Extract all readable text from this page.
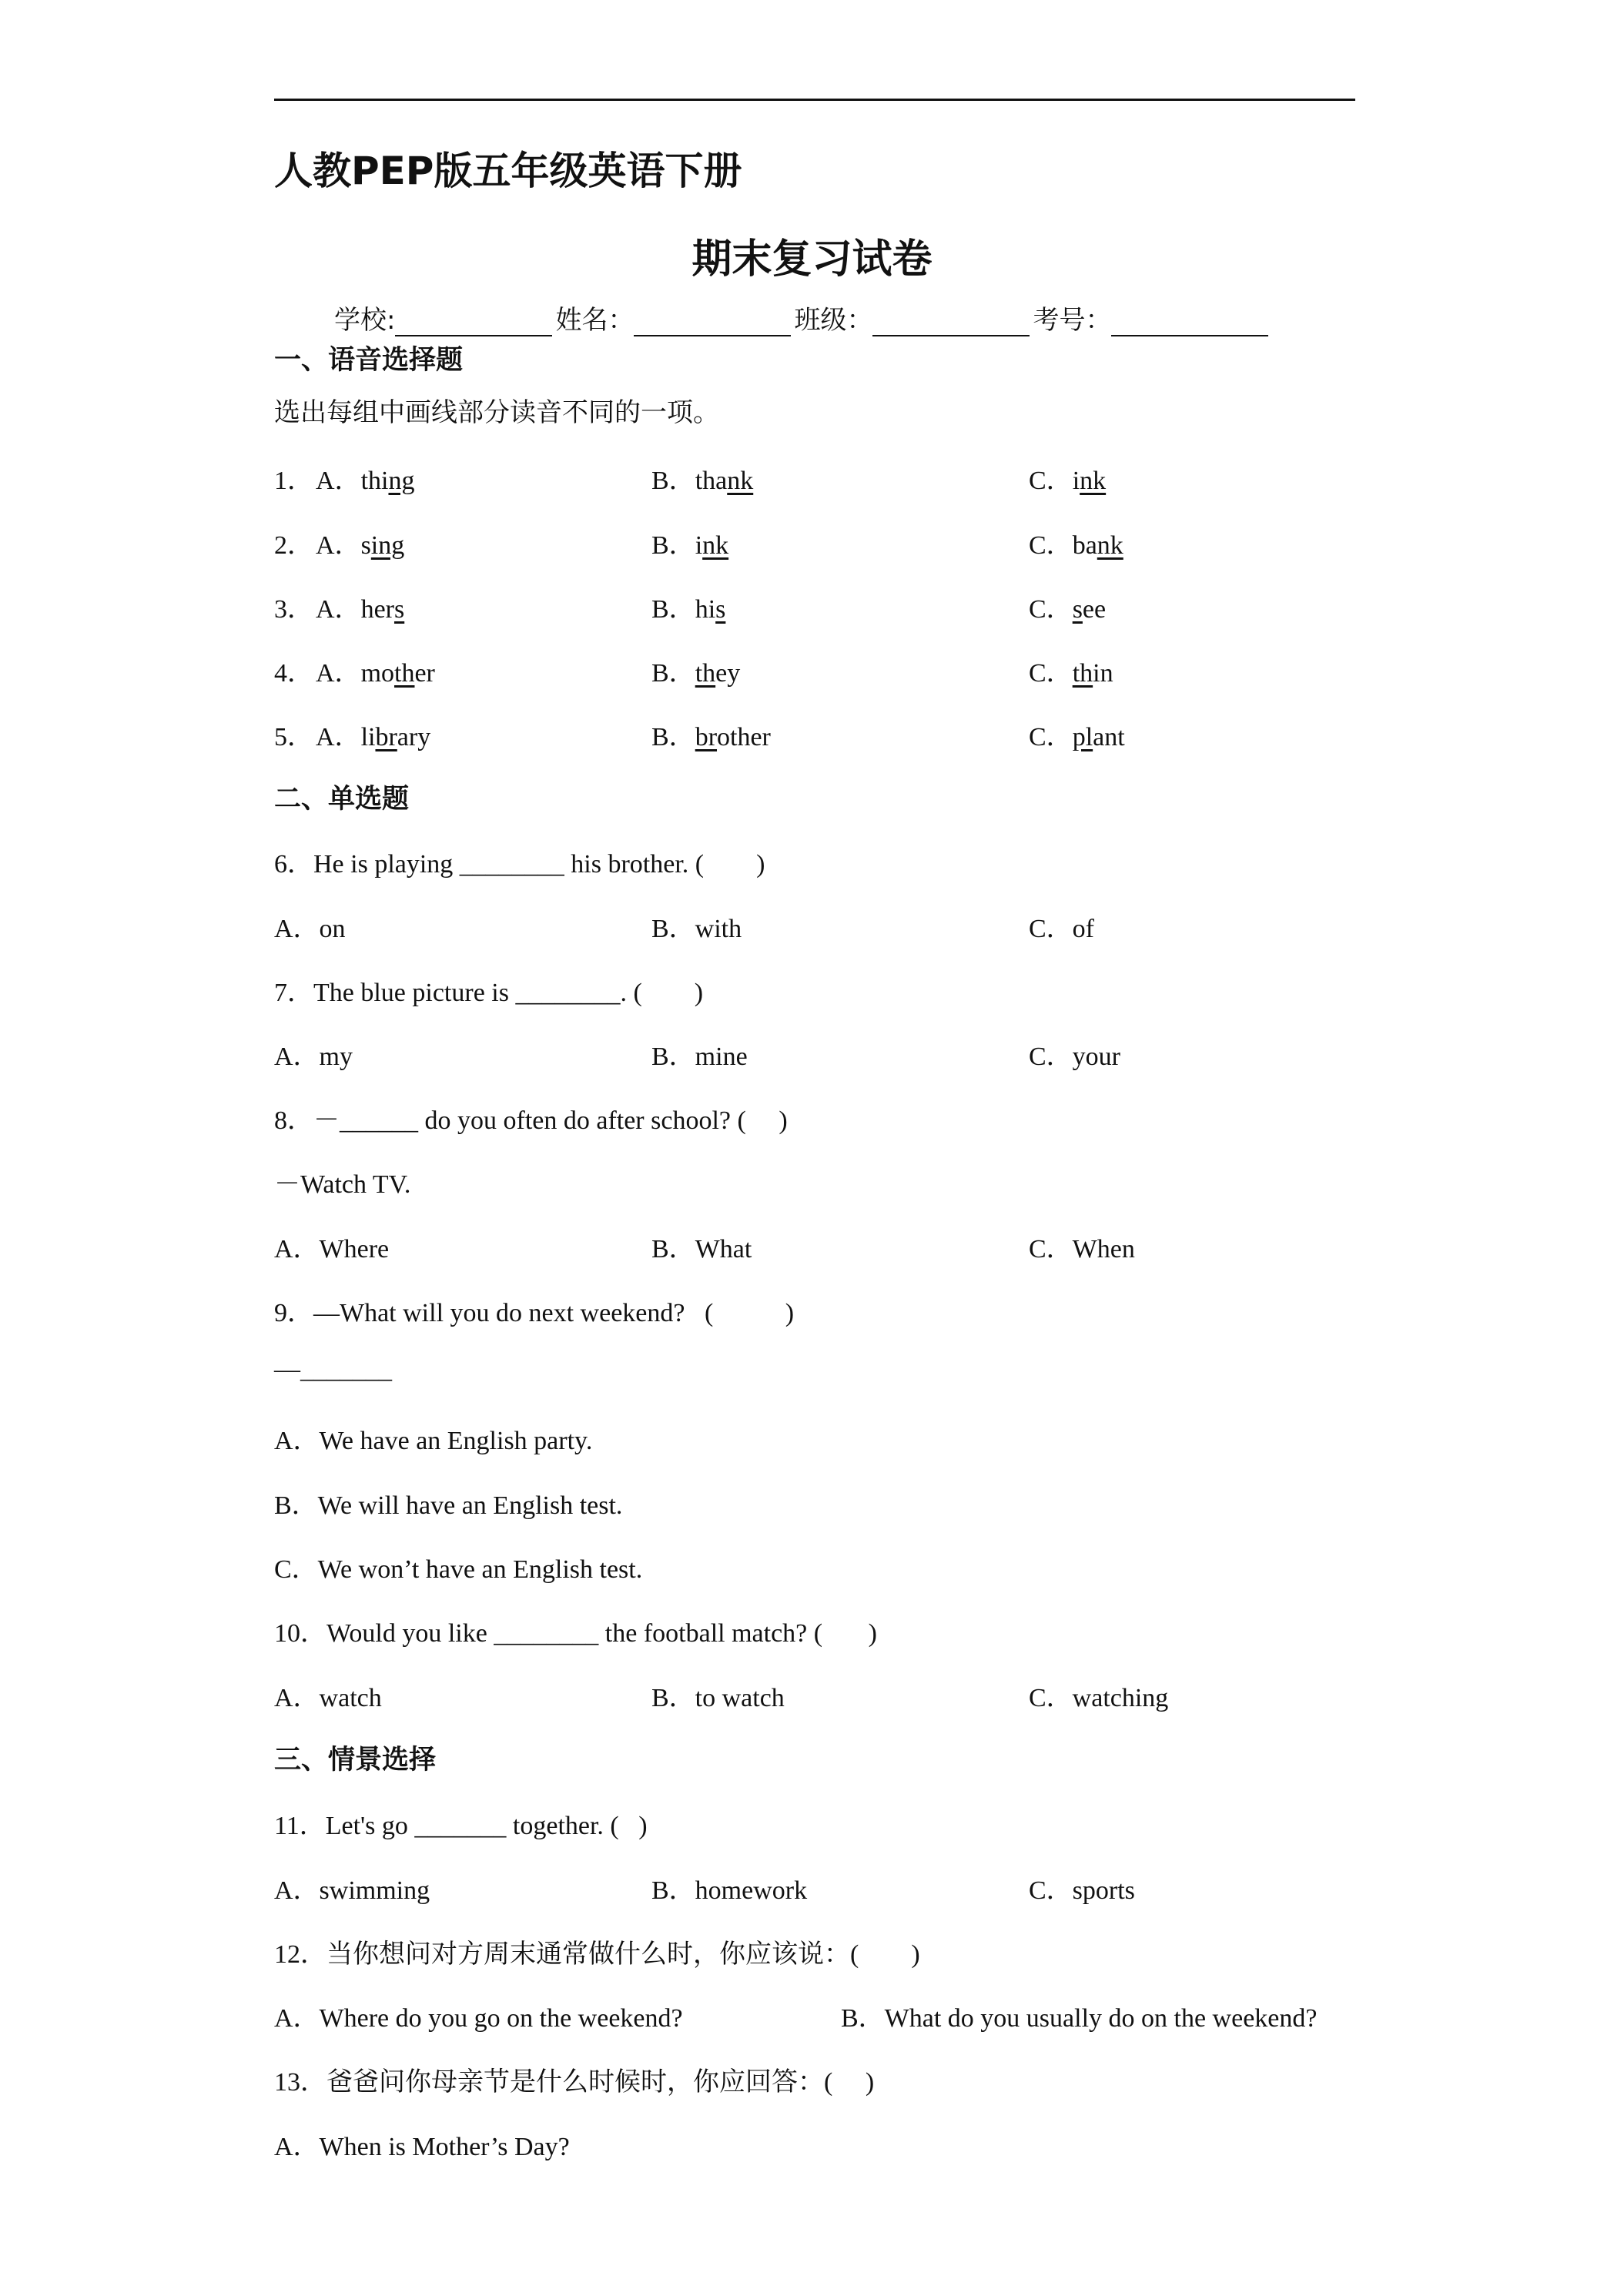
人教PEP版五年级英语下册
期末复习试卷
学校:	姓名：	班级：	考号：
一、语音选择题
选出每组中画线部分读音不同的一项。
1． A．thing	B．thank	C．ink
2． A．sing	B．ink	C．bank
3． A．hers	B．his	C．see
4． A．mother	B．they	C．thin
5． A．library	B．brother	C．plant
二、单选题
6．He is playing ________ his brother. (        )
A．on	B．with	C．of
7．The blue picture is ________. (        )
A．my	B．mine	C．your
8．－______ do you often do after school? (     )
－Watch TV.
A．Where	B．What	C．When
9．—What will you do next weekend?   (           )
—_______
A．We have an English party.
B．We will have an English test.
C．We won’t have an English test.
10．Would you like ________ the football match? (       )
A．watch	B．to watch	C．watching
三、情景选择
11．Let's go _______ together. (   )
A．swimming	B．homework	C．sports
12．当你想问对方周末通常做什么时，你应该说：(        )
A．Where do you go on the weekend?	B．What do you usually do on the weekend?
13．爸爸问你母亲节是什么时候时，你应回答：(     )
A．When is Mother’s Day?
